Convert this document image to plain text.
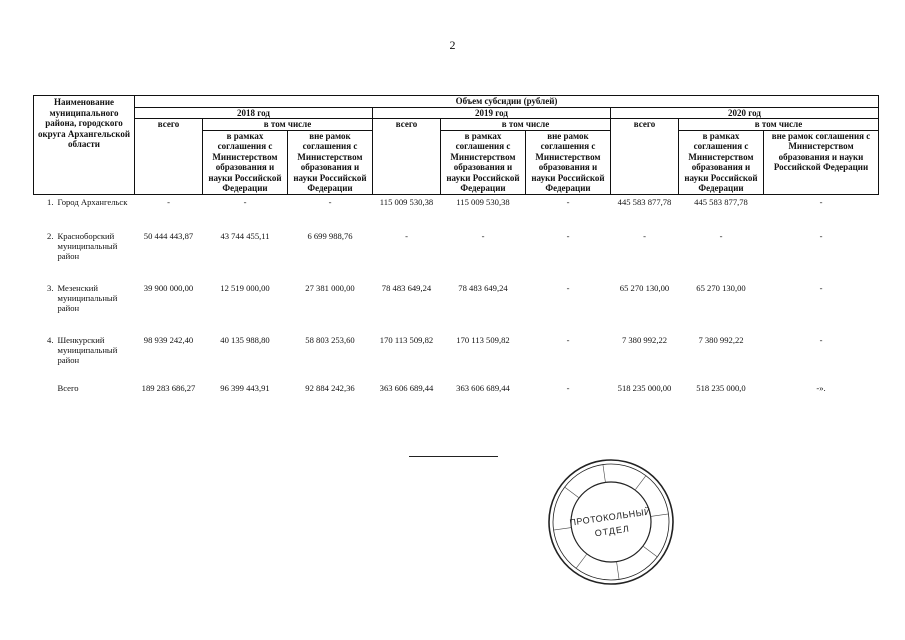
2
Наименование муниципального района, городского округа Архангельской области	Объем субсидии (рублей)								
	2018 год			2019 год			2020 год		
	всего	в том числе		всего	в том числе		всего	в том числе	
		в рамках соглашения с Министерством образования и науки Российской Федерации	вне рамок соглашения с Министерством образования и науки Российской Федерации		в рамках соглашения с Министерством образования и науки Российской Федерации	вне рамок соглашения с Министерством образования и науки Российской Федерации		в рамках соглашения с Министерством образования и науки Российской Федерации	вне рамок соглашения с Министерством образования и науки Российской Федерации

1. Город Архангельск	-	-	-	115 009 530,38	115 009 530,38	-	445 583 877,78	445 583 877,78	-

2. Красноборский муниципальный район	50 444 443,87	43 744 455,11	6 699 988,76	-	-	-	-	-	-

3. Мезенский муниципальный район	39 900 000,00	12 519 000,00	27 381 000,00	78 483 649,24	78 483 649,24	-	65 270 130,00	65 270 130,00	-

4. Шенкурский муниципальный район	98 939 242,40	40 135 988,80	58 803 253,60	170 113 509,82	170 113 509,82	-	7 380 992,22	7 380 992,22	-

Всего	189 283 686,27	96 399 443,91	92 884 242,36	363 606 689,44	363 606 689,44	-	518 235 000,00	518 235 000,0	-».
ПРОТОКОЛЬНЫЙ
ОТДЕЛ
